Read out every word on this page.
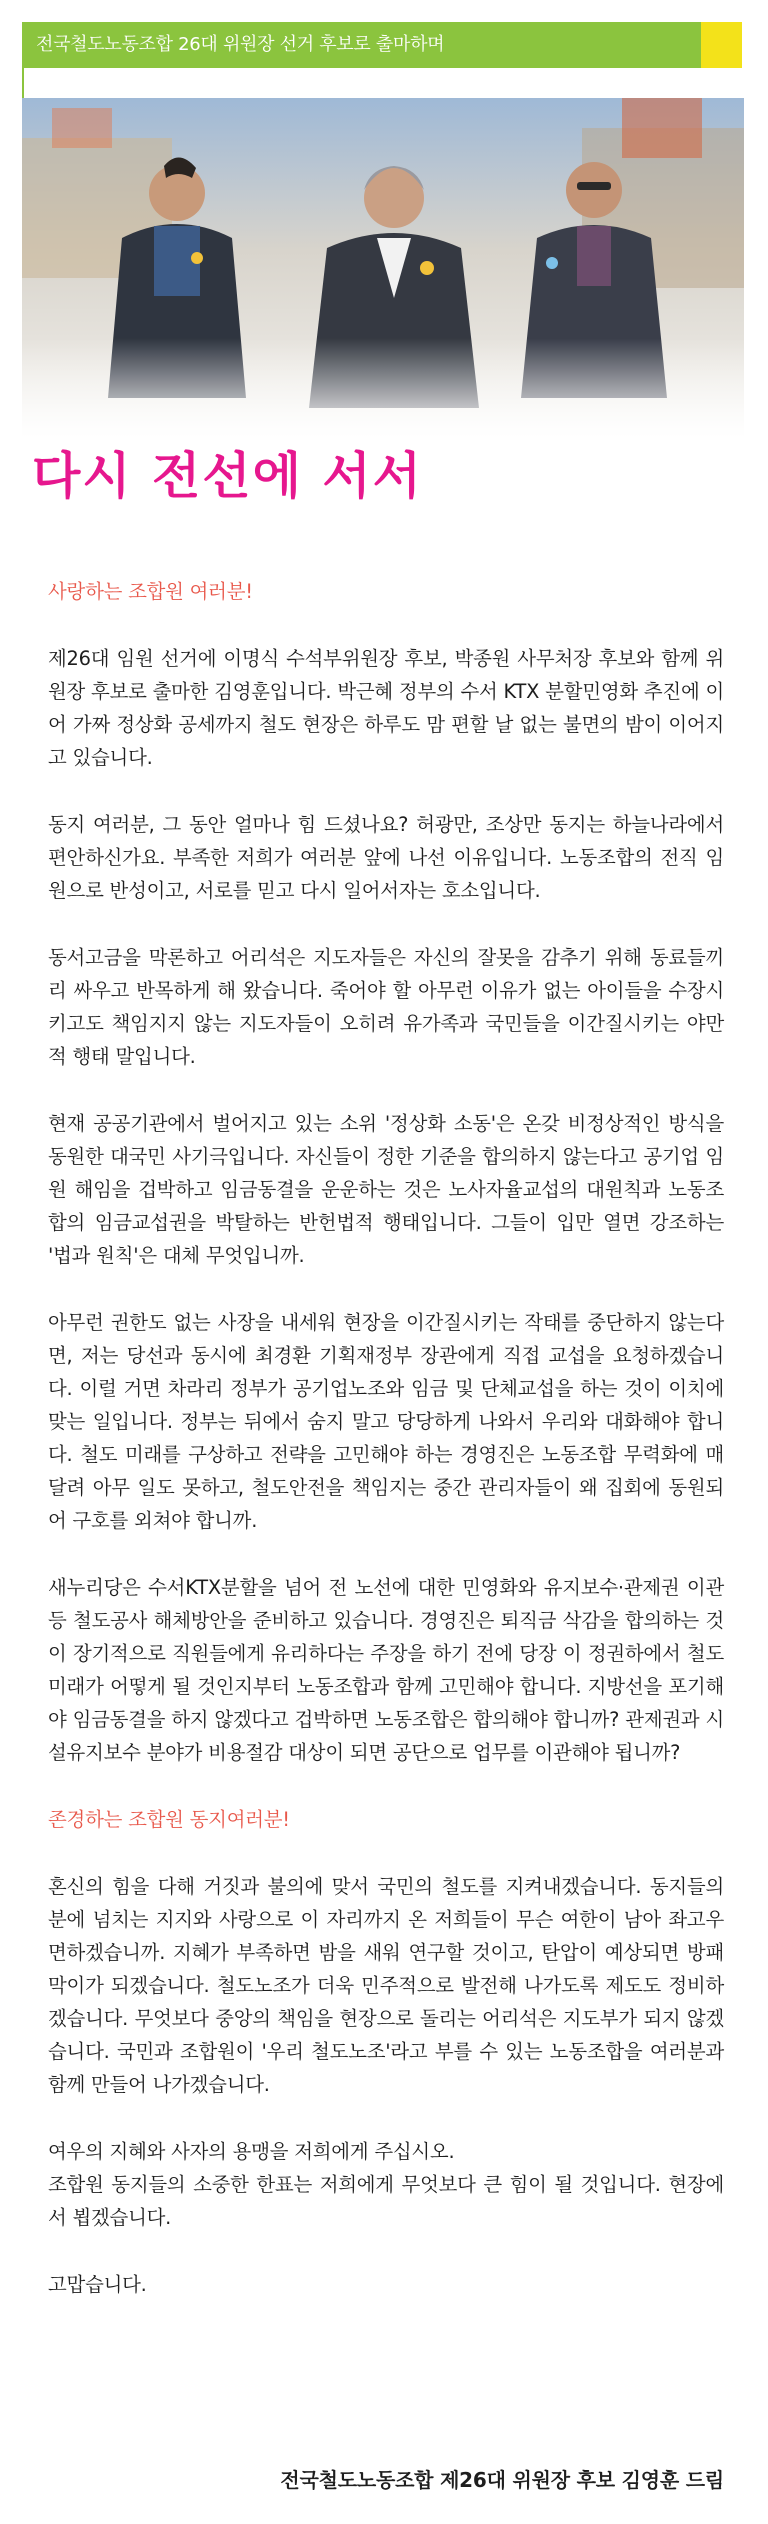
전국철도노동조합 26대 위원장 선거 후보로 출마하며
다시 전선에 서서

사랑하는 조합원 여러분!

제26대 임원 선거에 이명식 수석부위원장 후보, 박종원 사무처장 후보와 함께 위원장 후보로 출마한 김영훈입니다. 박근혜 정부의 수서 KTX 분할민영화 추진에 이어 가짜 정상화 공세까지 철도 현장은 하루도 맘 편할 날 없는 불면의 밤이 이어지고 있습니다.

동지 여러분, 그 동안 얼마나 힘 드셨나요? 허광만, 조상만 동지는 하늘나라에서 편안하신가요. 부족한 저희가 여러분 앞에 나선 이유입니다. 노동조합의 전직 임원으로 반성이고, 서로를 믿고 다시 일어서자는 호소입니다.

동서고금을 막론하고 어리석은 지도자들은 자신의 잘못을 감추기 위해 동료들끼리 싸우고 반목하게 해 왔습니다. 죽어야 할 아무런 이유가 없는 아이들을 수장시키고도 책임지지 않는 지도자들이 오히려 유가족과 국민들을 이간질시키는 야만적 행태 말입니다.

현재 공공기관에서 벌어지고 있는 소위 '정상화 소동'은 온갖 비정상적인 방식을 동원한 대국민 사기극입니다. 자신들이 정한 기준을 합의하지 않는다고 공기업 임원 해임을 겁박하고 임금동결을 운운하는 것은 노사자율교섭의 대원칙과 노동조합의 임금교섭권을 박탈하는 반헌법적 행태입니다. 그들이 입만 열면 강조하는 '법과 원칙'은 대체 무엇입니까.

아무런 권한도 없는 사장을 내세워 현장을 이간질시키는 작태를 중단하지 않는다면, 저는 당선과 동시에 최경환 기획재정부 장관에게 직접 교섭을 요청하겠습니다. 이럴 거면 차라리 정부가 공기업노조와 임금 및 단체교섭을 하는 것이 이치에 맞는 일입니다. 정부는 뒤에서 숨지 말고 당당하게 나와서 우리와 대화해야 합니다. 철도 미래를 구상하고 전략을 고민해야 하는 경영진은 노동조합 무력화에 매달려 아무 일도 못하고, 철도안전을 책임지는 중간 관리자들이 왜 집회에 동원되어 구호를 외쳐야 합니까.

새누리당은 수서KTX분할을 넘어 전 노선에 대한 민영화와 유지보수·관제권 이관 등 철도공사 해체방안을 준비하고 있습니다. 경영진은 퇴직금 삭감을 합의하는 것이 장기적으로 직원들에게 유리하다는 주장을 하기 전에 당장 이 정권하에서 철도 미래가 어떻게 될 것인지부터 노동조합과 함께 고민해야 합니다. 지방선을 포기해야 임금동결을 하지 않겠다고 겁박하면 노동조합은 합의해야 합니까? 관제권과 시설유지보수 분야가 비용절감 대상이 되면 공단으로 업무를 이관해야 됩니까?

존경하는 조합원 동지여러분!

혼신의 힘을 다해 거짓과 불의에 맞서 국민의 철도를 지켜내겠습니다. 동지들의 분에 넘치는 지지와 사랑으로 이 자리까지 온 저희들이 무슨 여한이 남아 좌고우면하겠습니까. 지혜가 부족하면 밤을 새워 연구할 것이고, 탄압이 예상되면 방패막이가 되겠습니다. 철도노조가 더욱 민주적으로 발전해 나가도록 제도도 정비하겠습니다. 무엇보다 중앙의 책임을 현장으로 돌리는 어리석은 지도부가 되지 않겠습니다. 국민과 조합원이 '우리 철도노조'라고 부를 수 있는 노동조합을 여러분과 함께 만들어 나가겠습니다.

여우의 지혜와 사자의 용맹을 저희에게 주십시오.
조합원 동지들의 소중한 한표는 저희에게 무엇보다 큰 힘이 될 것입니다. 현장에서 뵙겠습니다.

고맙습니다.

전국철도노동조합 제26대 위원장 후보 김영훈 드림
